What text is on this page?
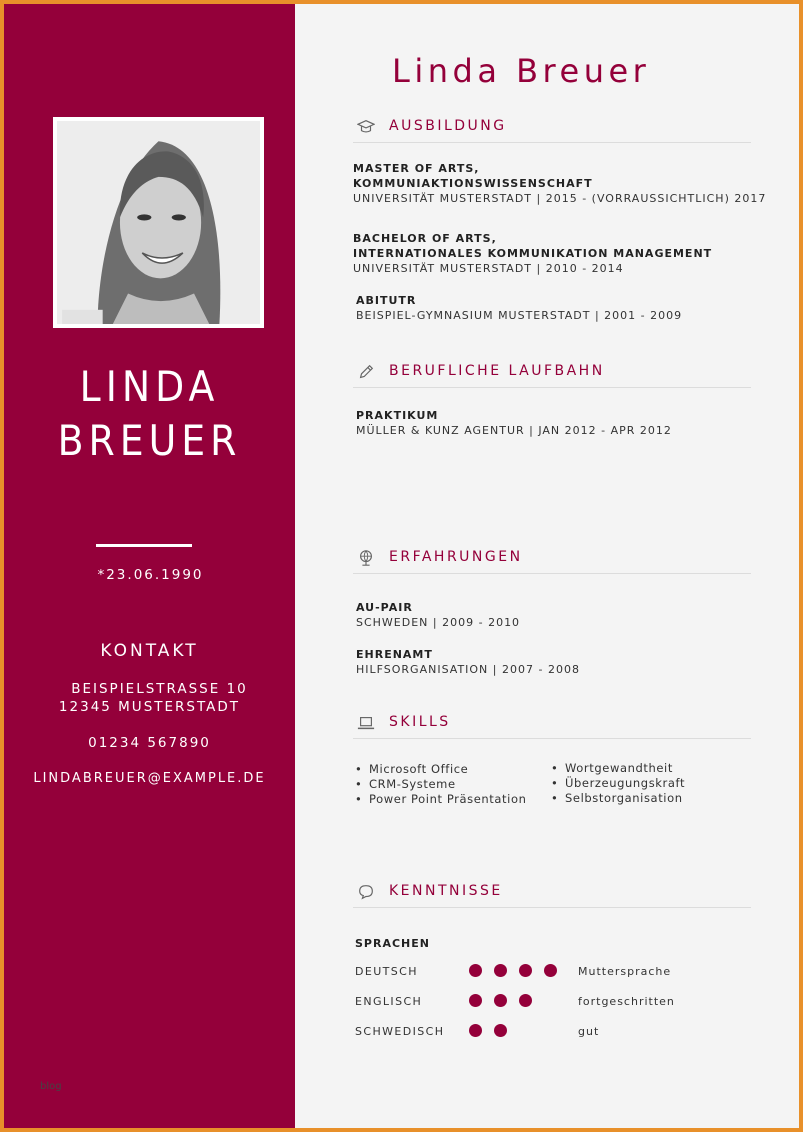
LINDA
BREUER
*23.06.1990
KONTAKT
BEISPIELSTRASSE 10
12345 MUSTERSTADT
01234 567890
LINDABREUER@EXAMPLE.DE
blog
Linda Breuer
AUSBILDUNG
MASTER OF ARTS,
KOMMUNIAKTIONSWISSENSCHAFT
UNIVERSITÄT MUSTERSTADT | 2015 - (VORRAUSSICHTLICH) 2017
BACHELOR OF ARTS,
INTERNATIONALES KOMMUNIKATION MANAGEMENT
UNIVERSITÄT MUSTERSTADT | 2010 - 2014
ABITUTR
BEISPIEL-GYMNASIUM MUSTERSTADT | 2001 - 2009
BERUFLICHE LAUFBAHN
PRAKTIKUM
MÜLLER & KUNZ AGENTUR | JAN 2012 - APR 2012
ERFAHRUNGEN
AU-PAIR
SCHWEDEN | 2009 - 2010
EHRENAMT
HILFSORGANISATION | 2007 - 2008
SKILLS
• Microsoft Office
• CRM-Systeme
• Power Point Präsentation
• Wortgewandtheit
• Überzeugungskraft
• Selbstorganisation
KENNTNISSE
SPRACHEN
DEUTSCH	Muttersprache
ENGLISCH	fortgeschritten
SCHWEDISCH	gut
